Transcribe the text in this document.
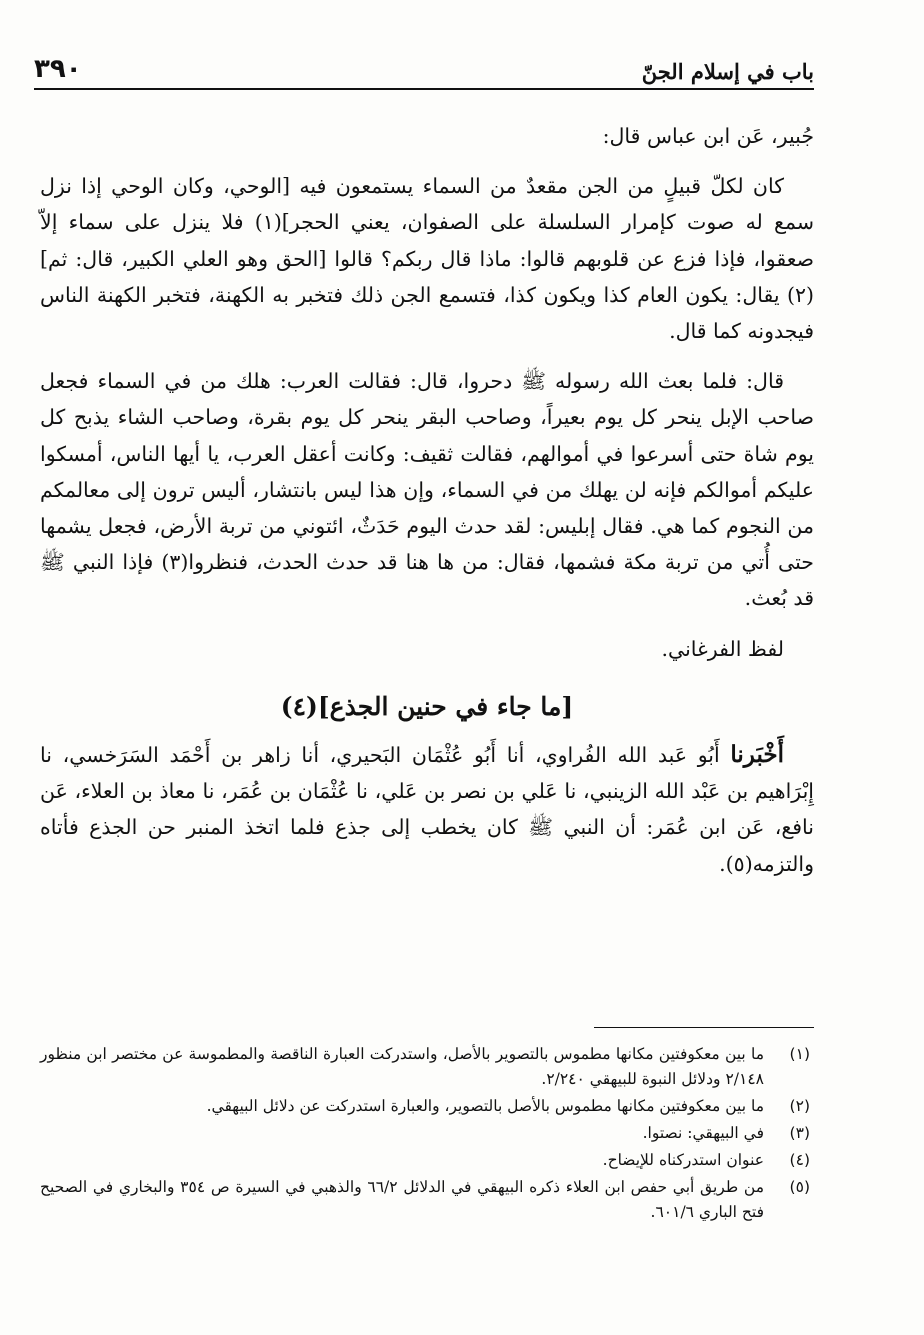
باب في إسلام الجنّ
٣٩٠

جُبير، عَن ابن عباس قال:

كان لكلّ قبيلٍ من الجن مقعدٌ من السماء يستمعون فيه [الوحي، وكان الوحي إذا نزل سمع له صوت كإمرار السلسلة على الصفوان، يعني الحجر](١) فلا ينزل على سماء إلاّ صعقوا، فإذا فزع عن قلوبهم قالوا: ماذا قال ربكم؟ قالوا [الحق وهو العلي الكبير، قال: ثم](٢) يقال: يكون العام كذا ويكون كذا، فتسمع الجن ذلك فتخبر به الكهنة، فتخبر الكهنة الناس فيجدونه كما قال.

قال: فلما بعث الله رسوله ﷺ دحروا، قال: فقالت العرب: هلك من في السماء فجعل صاحب الإبل ينحر كل يوم بعيراً، وصاحب البقر ينحر كل يوم بقرة، وصاحب الشاء يذبح كل يوم شاة حتى أسرعوا في أموالهم، فقالت ثقيف: وكانت أعقل العرب، يا أيها الناس، أمسكوا عليكم أموالكم فإنه لن يهلك من في السماء، وإن هذا ليس بانتشار، أليس ترون إلى معالمكم من النجوم كما هي. فقال إبليس: لقد حدث اليوم حَدَثٌ، ائتوني من تربة الأرض، فجعل يشمها حتى أُتي من تربة مكة فشمها، فقال: من ها هنا قد حدث الحدث، فنظروا(٣) فإذا النبي ﷺ قد بُعث.

لفظ الفرغاني.

[ما جاء في حنين الجذع](٤)

أَخْبَرنا أَبُو عَبد الله الفُراوي، أنا أَبُو عُثْمَان البَحيري، أنا زاهر بن أَحْمَد السَرَخسي، نا إِبْرَاهيم بن عَبْد الله الزينبي، نا عَلي بن نصر بن عَلي، نا عُثْمَان بن عُمَر، نا معاذ بن العلاء، عَن نافع، عَن ابن عُمَر: أن النبي ﷺ كان يخطب إلى جذع فلما اتخذ المنبر حن الجذع فأتاه والتزمه(٥).

(١)
ما بين معكوفتين مكانها مطموس بالتصوير بالأصل، واستدركت العبارة الناقصة والمطموسة عن مختصر ابن منظور ٢/١٤٨ ودلائل النبوة للبيهقي ٢/٢٤٠.
(٢)
ما بين معكوفتين مكانها مطموس بالأصل بالتصوير، والعبارة استدركت عن دلائل البيهقي.
(٣)
في البيهقي: نصتوا.
(٤)
عنوان استدركناه للإيضاح.
(٥)
من طريق أبي حفص ابن العلاء ذكره البيهقي في الدلائل ٦٦/٢ والذهبي في السيرة ص ٣٥٤ والبخاري في الصحيح فتح الباري ٦٠١/٦.
